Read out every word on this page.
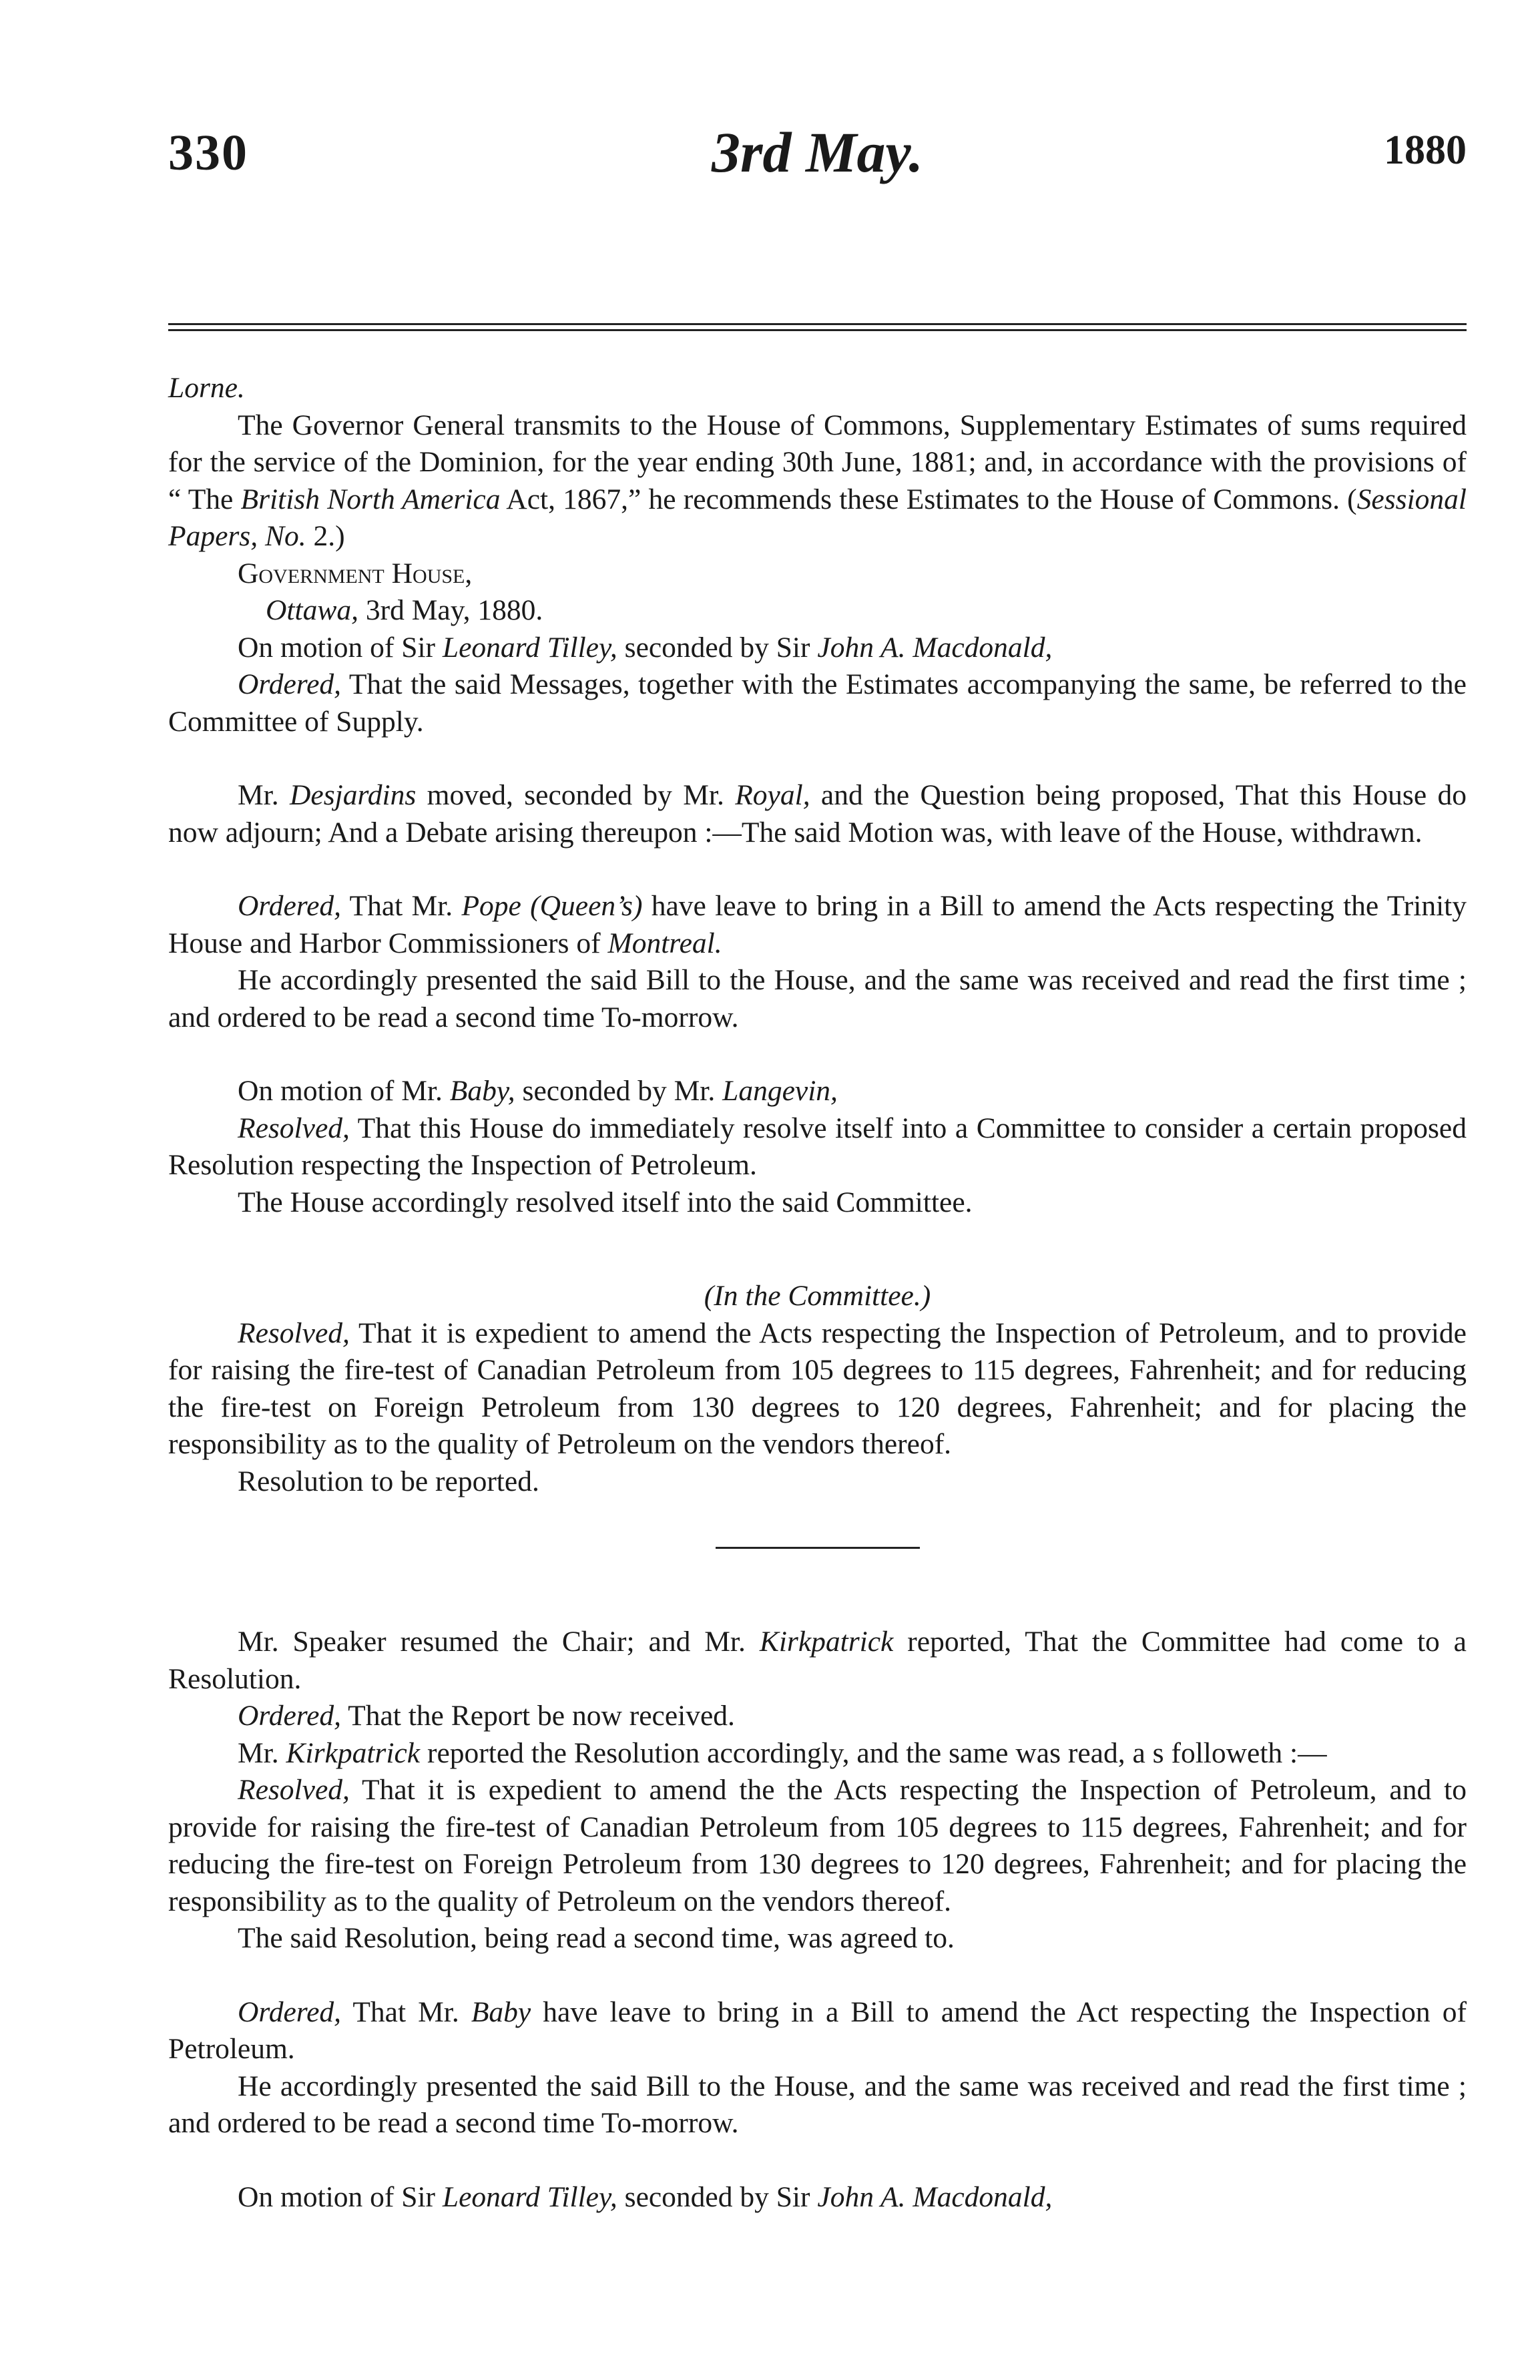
330	3rd May.	1880

Lorne.

The Governor General transmits to the House of Commons, Supplementary Estimates of sums required for the service of the Dominion, for the year ending 30th June, 1881; and, in accordance with the provisions of “ The British North America Act, 1867,” he recommends these Estimates to the House of Commons. (Sessional Papers, No. 2.)

Government House,

Ottawa, 3rd May, 1880.

On motion of Sir Leonard Tilley, seconded by Sir John A. Macdonald,

Ordered, That the said Messages, together with the Estimates accompanying the same, be referred to the Committee of Supply.

Mr. Desjardins moved, seconded by Mr. Royal, and the Question being proposed, That this House do now adjourn; And a Debate arising thereupon :—The said Motion was, with leave of the House, withdrawn.

Ordered, That Mr. Pope (Queen’s) have leave to bring in a Bill to amend the Acts respecting the Trinity House and Harbor Commissioners of Montreal.

He accordingly presented the said Bill to the House, and the same was received and read the first time ; and ordered to be read a second time To-morrow.

On motion of Mr. Baby, seconded by Mr. Langevin,

Resolved, That this House do immediately resolve itself into a Committee to consider a certain proposed Resolution respecting the Inspection of Petroleum.

The House accordingly resolved itself into the said Committee.

(In the Committee.)

Resolved, That it is expedient to amend the Acts respecting the Inspection of Petroleum, and to provide for raising the fire-test of Canadian Petroleum from 105 degrees to 115 degrees, Fahrenheit; and for reducing the fire-test on Foreign Petroleum from 130 degrees to 120 degrees, Fahrenheit; and for placing the responsibility as to the quality of Petroleum on the vendors thereof.

Resolution to be reported.

Mr. Speaker resumed the Chair; and Mr. Kirkpatrick reported, That the Committee had come to a Resolution.

Ordered, That the Report be now received.

Mr. Kirkpatrick reported the Resolution accordingly, and the same was read, a s followeth :—

Resolved, That it is expedient to amend the the Acts respecting the Inspection of Petroleum, and to provide for raising the fire-test of Canadian Petroleum from 105 degrees to 115 degrees, Fahrenheit; and for reducing the fire-test on Foreign Petroleum from 130 degrees to 120 degrees, Fahrenheit; and for placing the responsibility as to the quality of Petroleum on the vendors thereof.

The said Resolution, being read a second time, was agreed to.

Ordered, That Mr. Baby have leave to bring in a Bill to amend the Act respecting the Inspection of Petroleum.

He accordingly presented the said Bill to the House, and the same was received and read the first time ; and ordered to be read a second time To-morrow.

On motion of Sir Leonard Tilley, seconded by Sir John A. Macdonald,
